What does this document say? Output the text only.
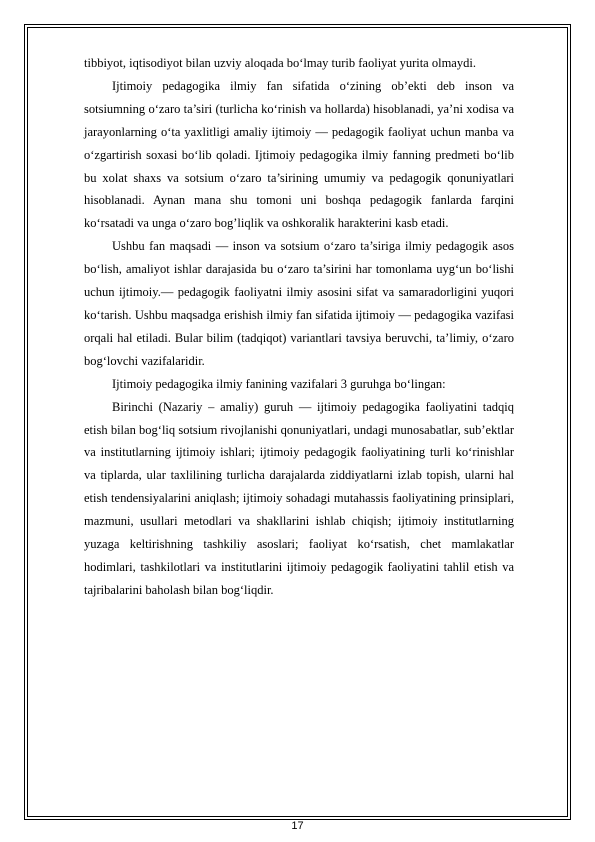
tibbiyot, iqtisodiyot bilan uzviy aloqada bo‘lmay turib faoliyat yurita olmaydi.

Ijtimoiy pedagogika ilmiy fan sifatida o‘zining ob’ekti deb inson va sotsiumning o‘zaro ta’siri (turlicha ko‘rinish va hollarda) hisoblanadi, ya’ni xodisa va jarayonlarning o‘ta yaxlitligi amaliy ijtimoiy — pedagogik faoliyat uchun manba va o‘zgartirish soxasi bo‘lib qoladi. Ijtimoiy pedagogika ilmiy fanning predmeti bo‘lib bu xolat shaxs va sotsium o‘zaro ta’sirining umumiy va pedagogik qonuniyatlari hisoblanadi. Aynan mana shu tomoni uni boshqa pedagogik fanlarda farqini ko‘rsatadi va unga o‘zaro bog’liqlik va oshkoralik harakterini kasb etadi.

Ushbu fan maqsadi — inson va sotsium o‘zaro ta’siriga ilmiy pedagogik asos bo‘lish, amaliyot ishlar darajasida bu o‘zaro ta’sirini har tomonlama uyg‘un bo‘lishi uchun ijtimoiy.— pedagogik faoliyatni ilmiy asosini sifat va samaradorligini yuqori ko‘tarish. Ushbu maqsadga erishish ilmiy fan sifatida ijtimoiy — pedagogika vazifasi orqali hal etiladi. Bular bilim (tadqiqot) variantlari tavsiya beruvchi, ta’limiy, o‘zaro bog‘lovchi vazifalaridir.

Ijtimoiy pedagogika ilmiy fanining vazifalari 3 guruhga bo‘lingan:

Birinchi (Nazariy – amaliy) guruh — ijtimoiy pedagogika faoliyatini tadqiq etish bilan bog‘liq sotsium rivojlanishi qonuniyatlari, undagi munosabatlar, sub’ektlar va institutlarning ijtimoiy ishlari; ijtimoiy pedagogik faoliyatining turli ko‘rinishlar va tiplarda, ular taxlilining turlicha darajalarda ziddiyatlarni izlab topish, ularni hal etish tendensiyalarini aniqlash; ijtimoiy sohadagi mutahassis faoliyatining prinsiplari, mazmuni, usullari metodlari va shakllarini ishlab chiqish; ijtimoiy institutlarning yuzaga keltirishning tashkiliy asoslari; faoliyat ko‘rsatish, chet mamlakatlar hodimlari, tashkilotlari va institutlarini ijtimoiy pedagogik faoliyatini tahlil etish va tajribalarini baholash bilan bog‘liqdir.

17
